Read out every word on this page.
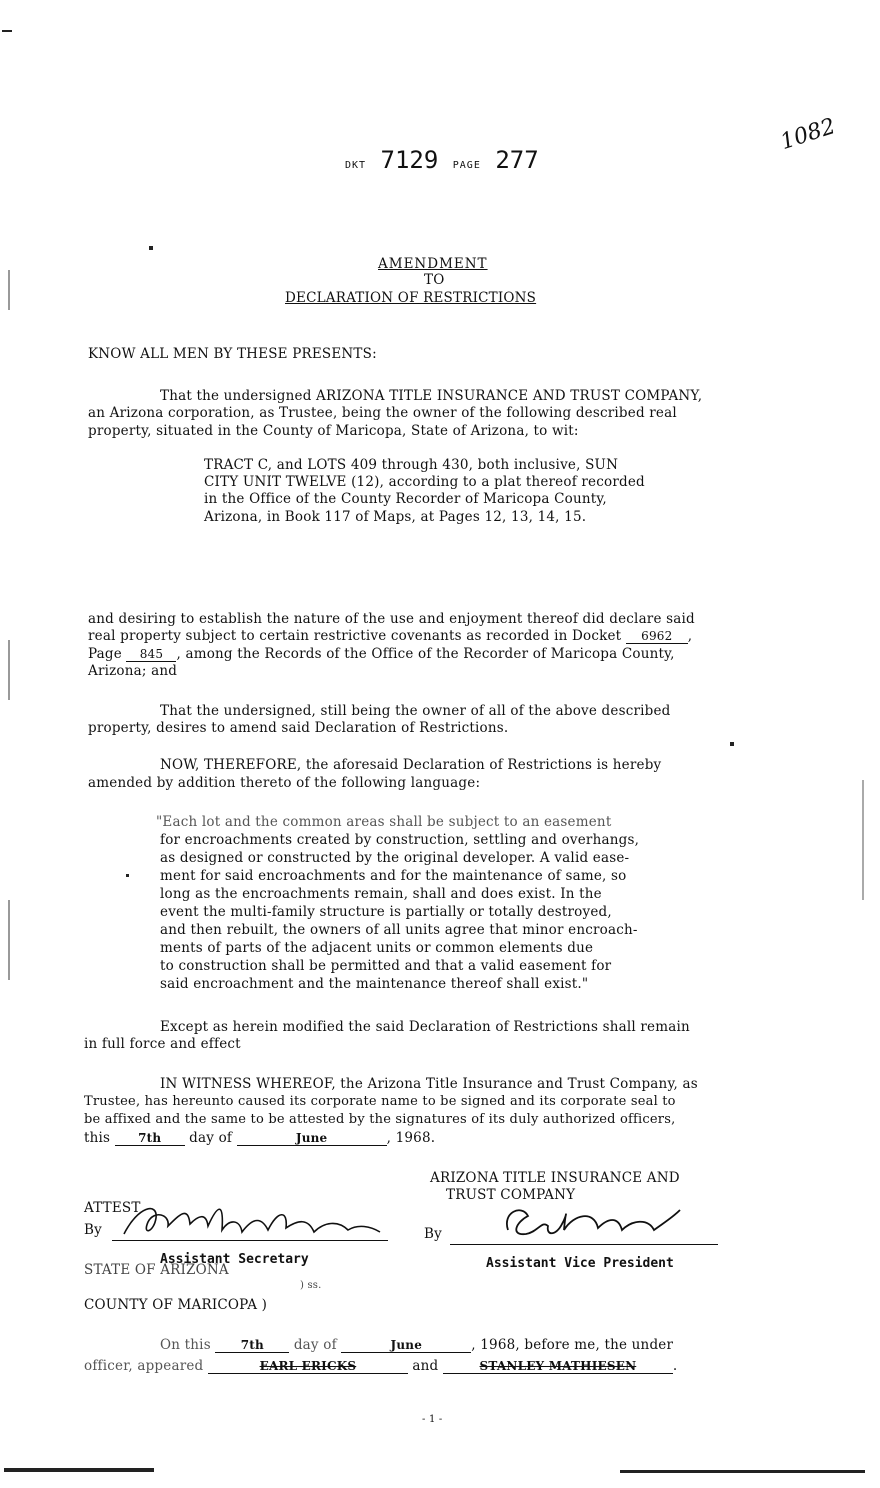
DKT 7129 PAGE 277
1082
AMENDMENT
TO
DECLARATION OF RESTRICTIONS
KNOW ALL MEN BY THESE PRESENTS:
That the undersigned ARIZONA TITLE INSURANCE AND TRUST COMPANY,
an Arizona corporation, as Trustee, being the owner of the following described real
property, situated in the County of Maricopa, State of Arizona, to wit:
TRACT C, and LOTS 409 through 430, both inclusive, SUN
CITY UNIT TWELVE (12), according to a plat thereof recorded
in the Office of the County Recorder of Maricopa County,
Arizona, in Book 117 of Maps, at Pages 12, 13, 14, 15.
and desiring to establish the nature of the use and enjoyment thereof did declare said
real property subject to certain restrictive covenants as recorded in Docket 6962 ,
Page 845 , among the Records of the Office of the Recorder of Maricopa County,
Arizona; and
That the undersigned, still being the owner of all of the above described
property, desires to amend said Declaration of Restrictions.
NOW, THEREFORE, the aforesaid Declaration of Restrictions is hereby
amended by addition thereto of the following language:
"Each lot and the common areas shall be subject to an easement
for encroachments created by construction, settling and overhangs,
as designed or constructed by the original developer. A valid ease-
ment for said encroachments and for the maintenance of same, so
long as the encroachments remain, shall and does exist. In the
event the multi-family structure is partially or totally destroyed,
and then rebuilt, the owners of all units agree that minor encroach-
ments of parts of the adjacent units or common elements due
to construction shall be permitted and that a valid easement for
said encroachment and the maintenance thereof shall exist."
Except as herein modified the said Declaration of Restrictions shall remain
in full force and effect
IN WITNESS WHEREOF, the Arizona Title Insurance and Trust Company, as
Trustee, has hereunto caused its corporate name to be signed and its corporate seal to
be affixed and the same to be attested by the signatures of its duly authorized officers,
this 7th day of	June	, 1968.
ARIZONA TITLE INSURANCE AND
TRUST COMPANY
ATTEST
By
Assistant Secretary
By
Assistant Vice President
STATE OF ARIZONA
) ss.
COUNTY OF MARICOPA )
On this 7th day of	June	, 1968, before me, the under
officer, appeared	EARL ERICKS	and	STANLEY MATHIESEN	.
- 1 -
